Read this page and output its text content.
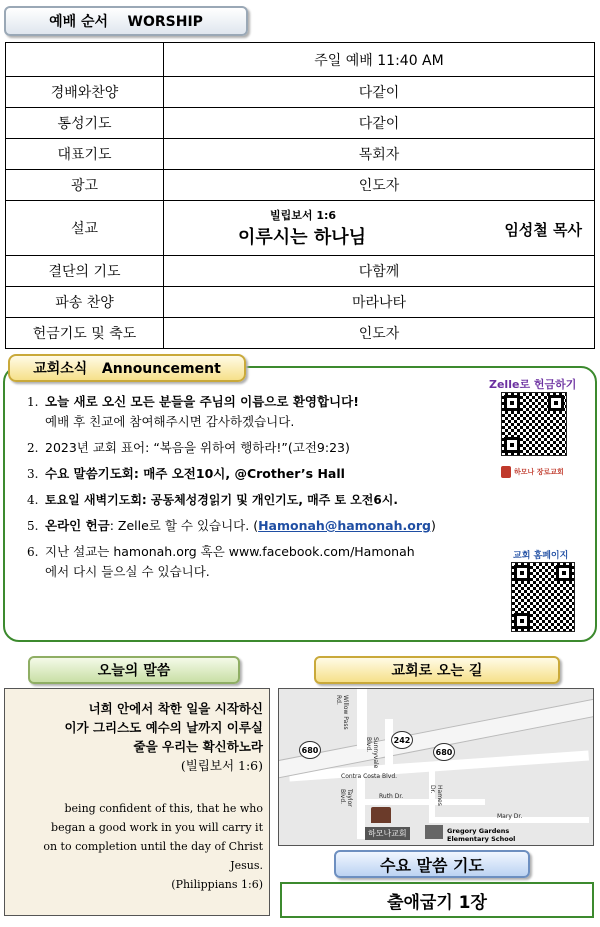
예배 순서    WORSHIP
	주일 예배 11:40 AM
경배와찬양	다같이
통성기도	다같이
대표기도	목회자
광고	인도자
설교	빌립보서 1:6
이루시는 하나님 임성철 목사

결단의 기도	다함께
파송 찬양	마라나타
헌금기도 및 축도	인도자
1. 오늘 새로 오신 모든 분들을 주님의 이름으로 환영합니다!
예배 후 친교에 참여해주시면 감사하겠습니다.
2. 2023년 교회 표어: “복음을 위하여 행하라!”(고전9:23)
3. 수요 말씀기도회: 매주 오전10시, @Crother’s Hall
4. 토요일 새벽기도회: 공동체성경읽기 및 개인기도, 매주 토 오전6시.
5. 온라인 헌금: Zelle로 할 수 있습니다. (Hamonah@hamonah.org)
6. 지난 설교는 hamonah.org 혹은 www.facebook.com/Hamonah
에서 다시 들으실 수 있습니다.
Zelle로 헌금하기
하모나 장로교회
교회 홈페이지
교회소식   Announcement
오늘의 말씀
너희 안에서 착한 일을 시작하신
이가 그리스도 예수의 날까지 이루실
줄을 우리는 확신하노라
(빌립보서 1:6)
being confident of this, that he who
began a good work in you will carry it
on to completion until the day of Christ
Jesus.
(Philippians 1:6)
교회로 오는 길
Willow Pass Rd.
Sunnyvale Blvd.
Contra Costa Blvd.
Taylor Blvd.	Ruth Dr.	Hames Dr.
Mary Dr.
680
242
680
하모나교회	Gregory Gardens Elementary School
수요 말씀 기도
출애굽기 1장
